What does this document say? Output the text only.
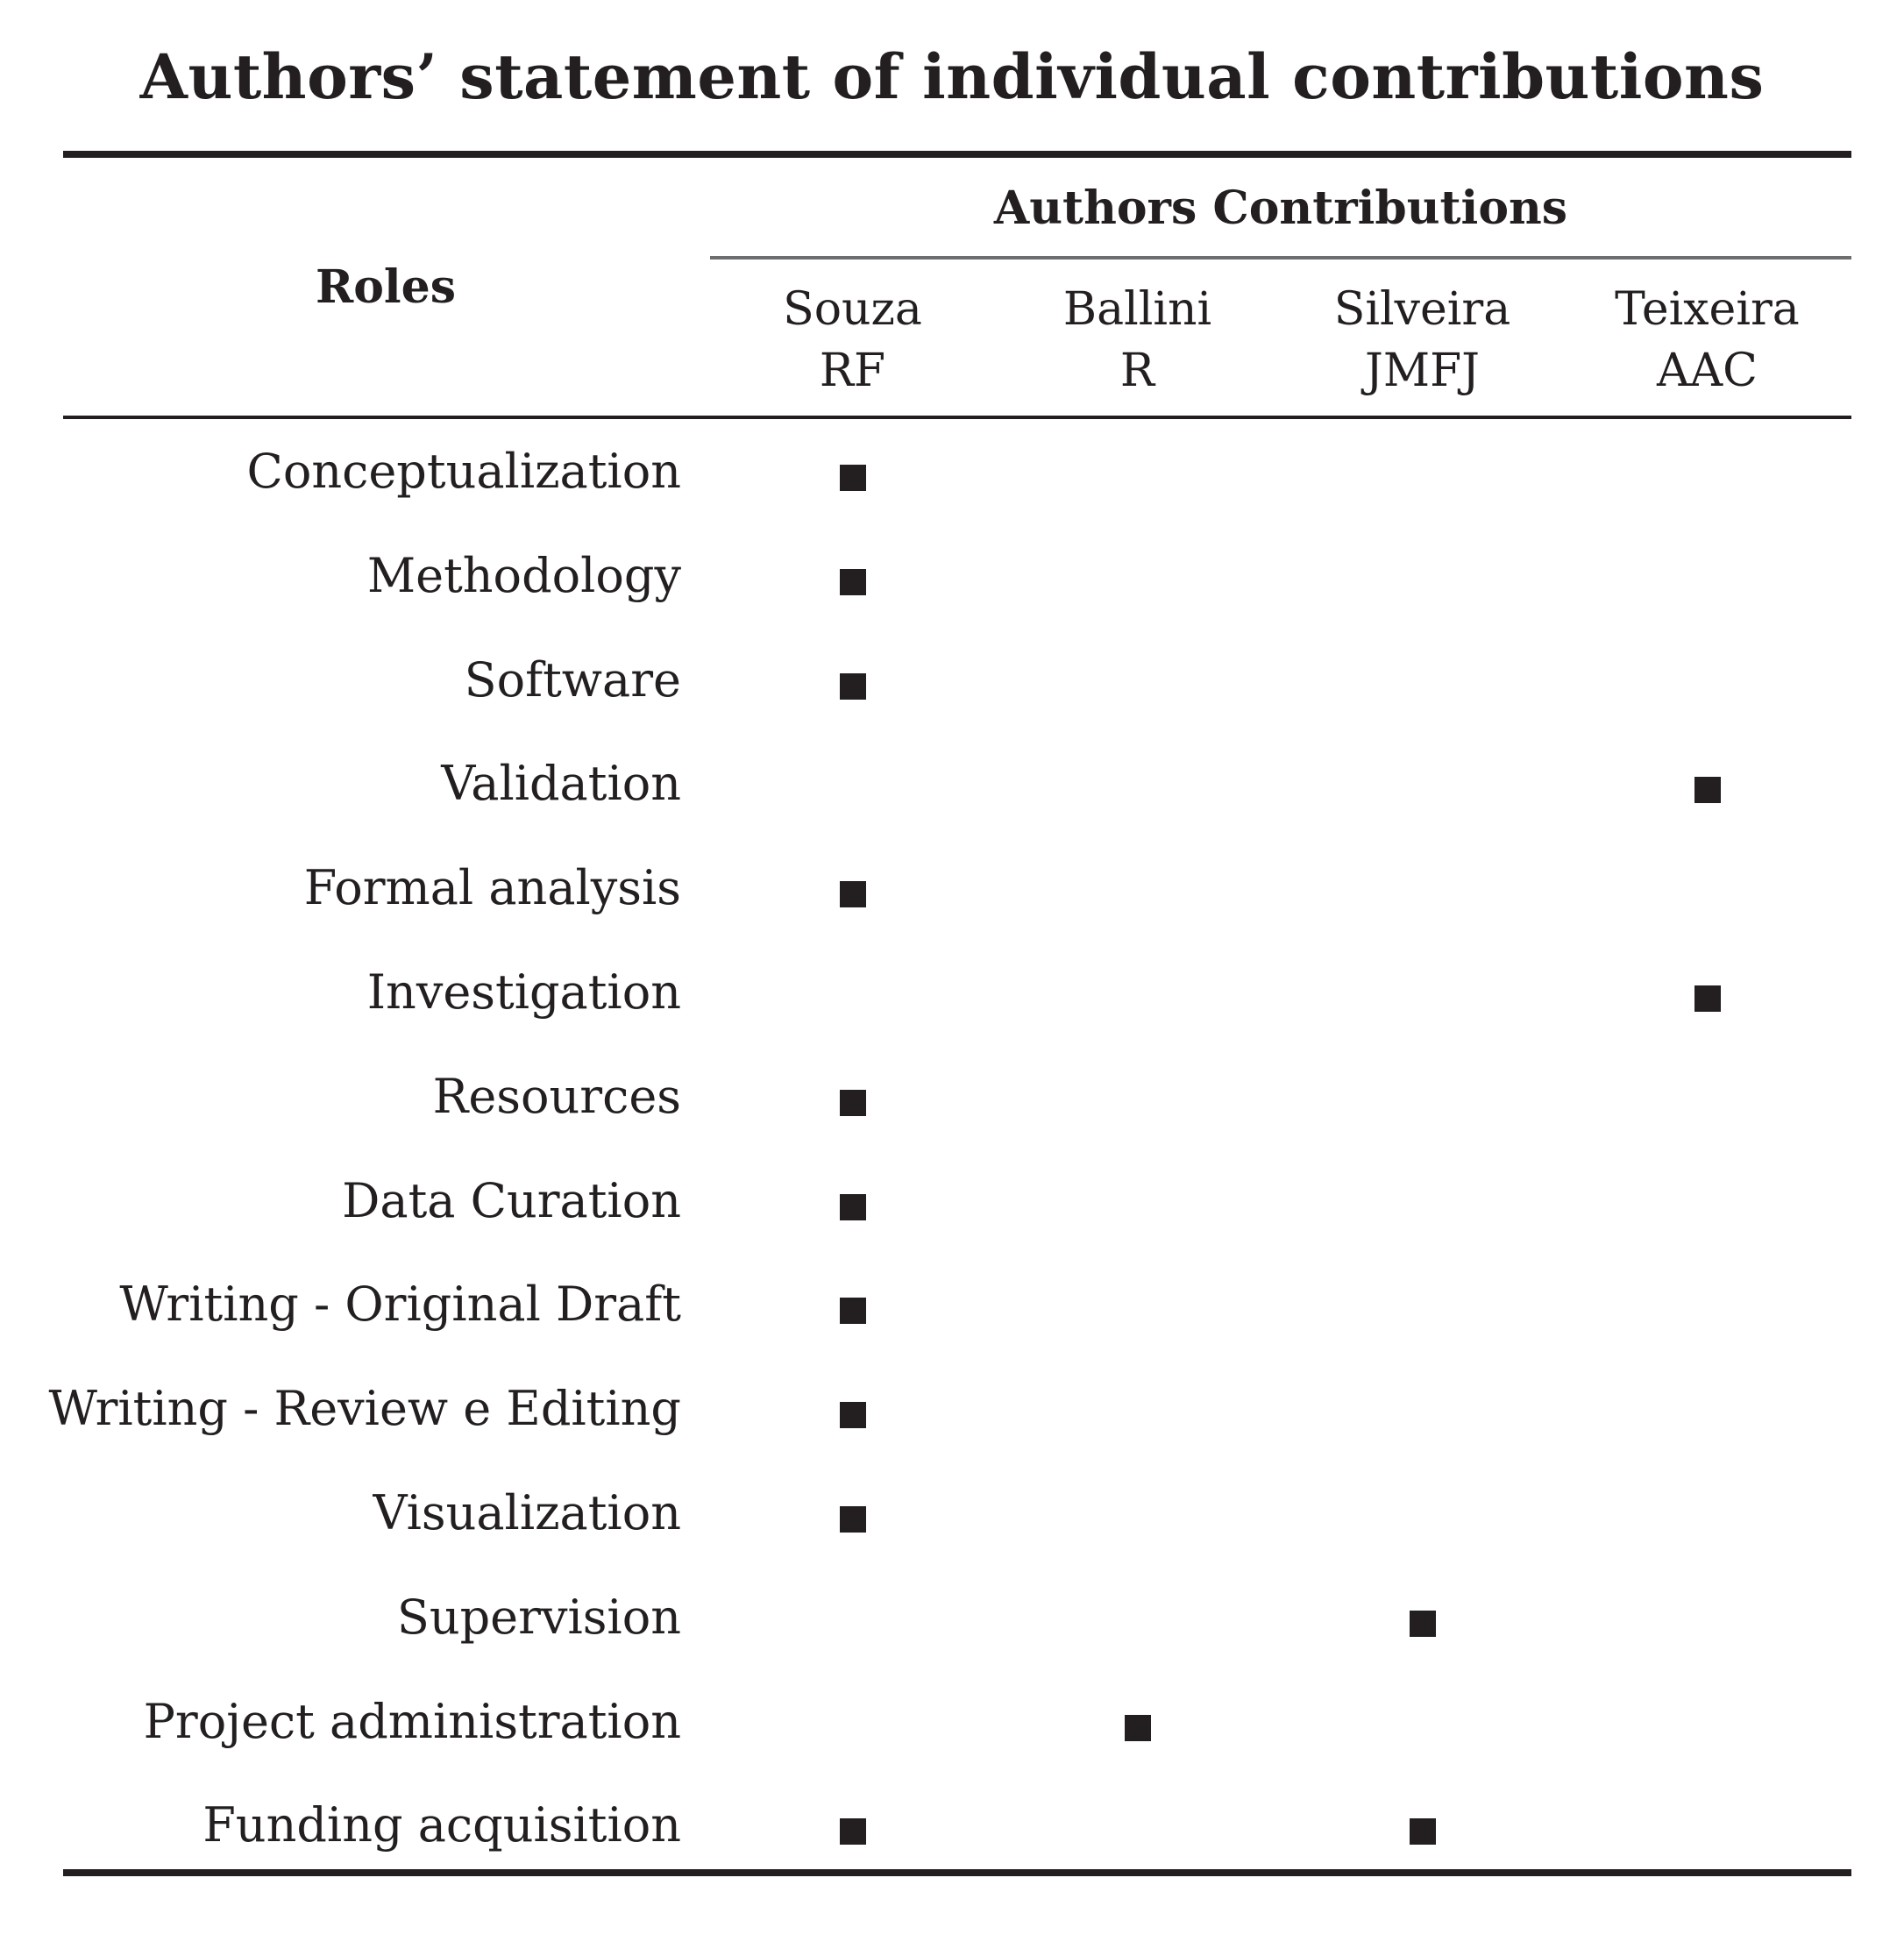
Authors’ statement of individual contributions
Roles
Authors Contributions
Souza
RF
Ballini
R
Silveira
JMFJ
Teixeira
AAC
Conceptualization
Methodology
Software
Validation
Formal analysis
Investigation
Resources
Data Curation
Writing - Original Draft
Writing - Review e Editing
Visualization
Supervision
Project administration
Funding acquisition
